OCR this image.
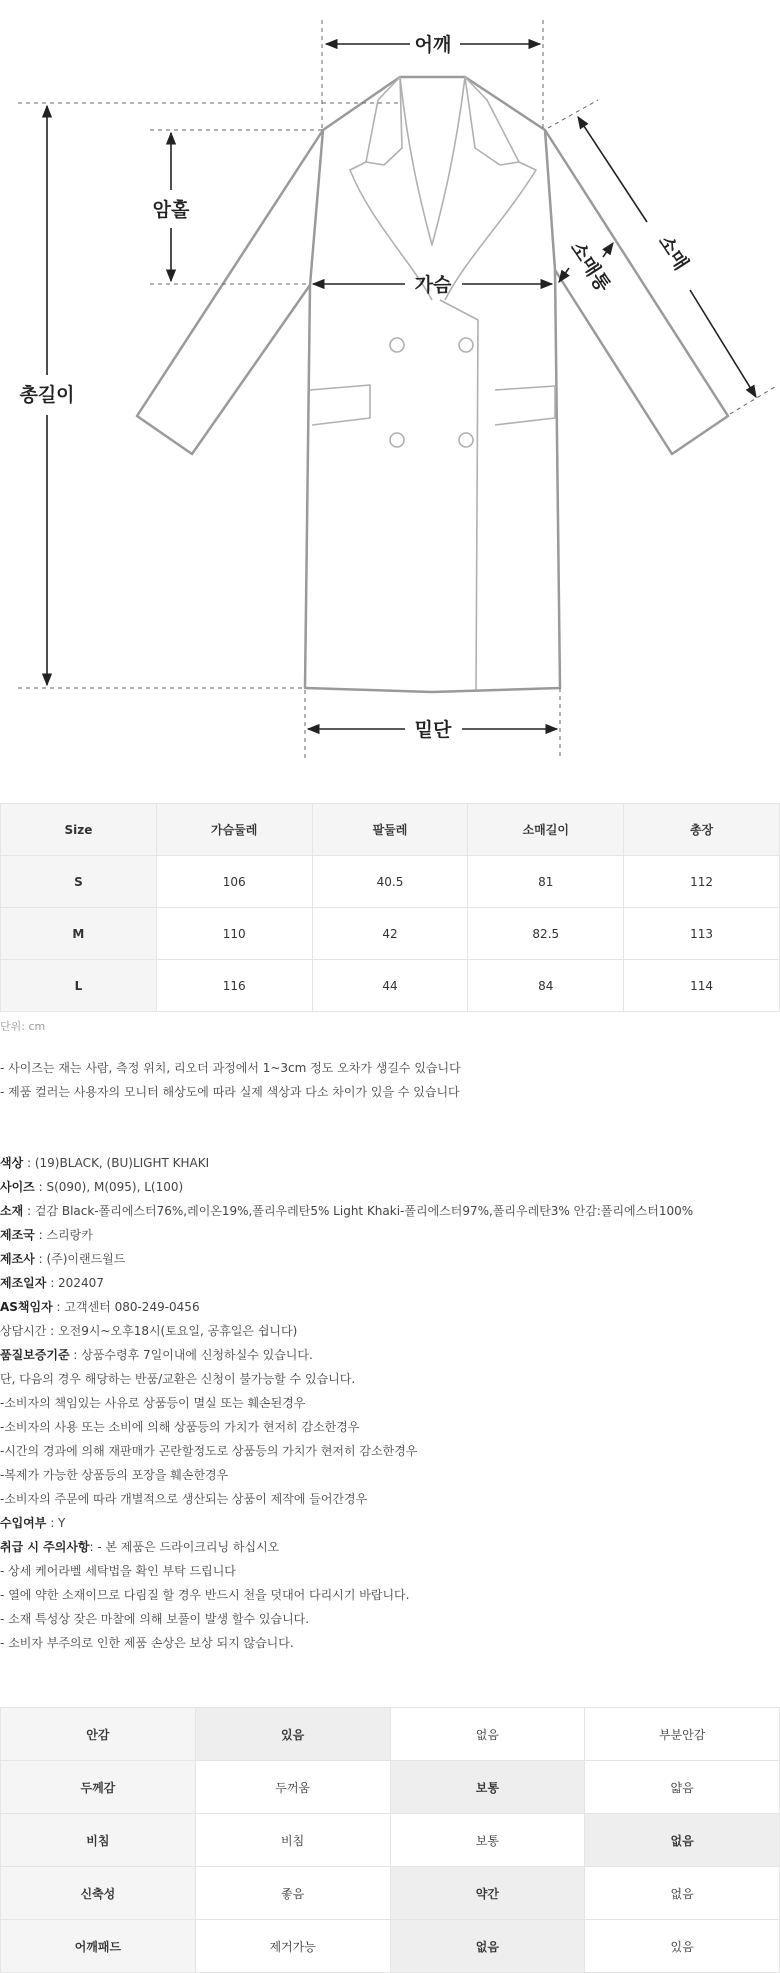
어깨
암홀
총길이
가슴
밑단
소매
소매통
Size	가슴둘레	팔둘레	소매길이	총장
S	106	40.5	81	112
M	110	42	82.5	113
L	116	44	84	114
단위: cm
- 사이즈는 재는 사람, 측정 위치, 리오더 과정에서 1~3cm 정도 오차가 생길수 있습니다
- 제품 컬러는 사용자의 모니터 해상도에 따라 실제 색상과 다소 차이가 있을 수 있습니다
색상 : (19)BLACK, (BU)LIGHT KHAKI
사이즈 : S(090), M(095), L(100)
소재 : 겉감 Black-폴리에스터76%,레이온19%,폴리우레탄5% Light Khaki-폴리에스터97%,폴리우레탄3% 안감:폴리에스터100%
제조국 : 스리랑카
제조사 : (주)이랜드월드
제조일자 : 202407
AS책임자 : 고객센터 080-249-0456
상담시간 : 오전9시~오후18시(토요일, 공휴일은 쉽니다)
품질보증기준 : 상품수령후 7일이내에 신청하실수 있습니다.
단, 다음의 경우 해당하는 반품/교환은 신청이 불가능할 수 있습니다.
-소비자의 책임있는 사유로 상품등이 멸실 또는 훼손된경우
-소비자의 사용 또는 소비에 의해 상품등의 가치가 현저히 감소한경우
-시간의 경과에 의해 재판매가 곤란할정도로 상품등의 가치가 현저히 감소한경우
-복제가 가능한 상품등의 포장을 훼손한경우
-소비자의 주문에 따라 개별적으로 생산되는 상품이 제작에 들어간경우
수입여부 : Y
취급 시 주의사항: - 본 제품은 드라이크리닝 하십시오
- 상세 케어라벨 세탁법을 확인 부탁 드립니다
- 열에 약한 소재이므로 다림질 할 경우 반드시 천을 덧대어 다리시기 바랍니다.
- 소재 특성상 잦은 마찰에 의해 보풀이 발생 할수 있습니다.
- 소비자 부주의로 인한 제품 손상은 보상 되지 않습니다.
안감	있음	없음	부분안감
두께감	두꺼움	보통	얇음
비침	비침	보통	없음
신축성	좋음	약간	없음
어깨패드	제거가능	없음	있음
